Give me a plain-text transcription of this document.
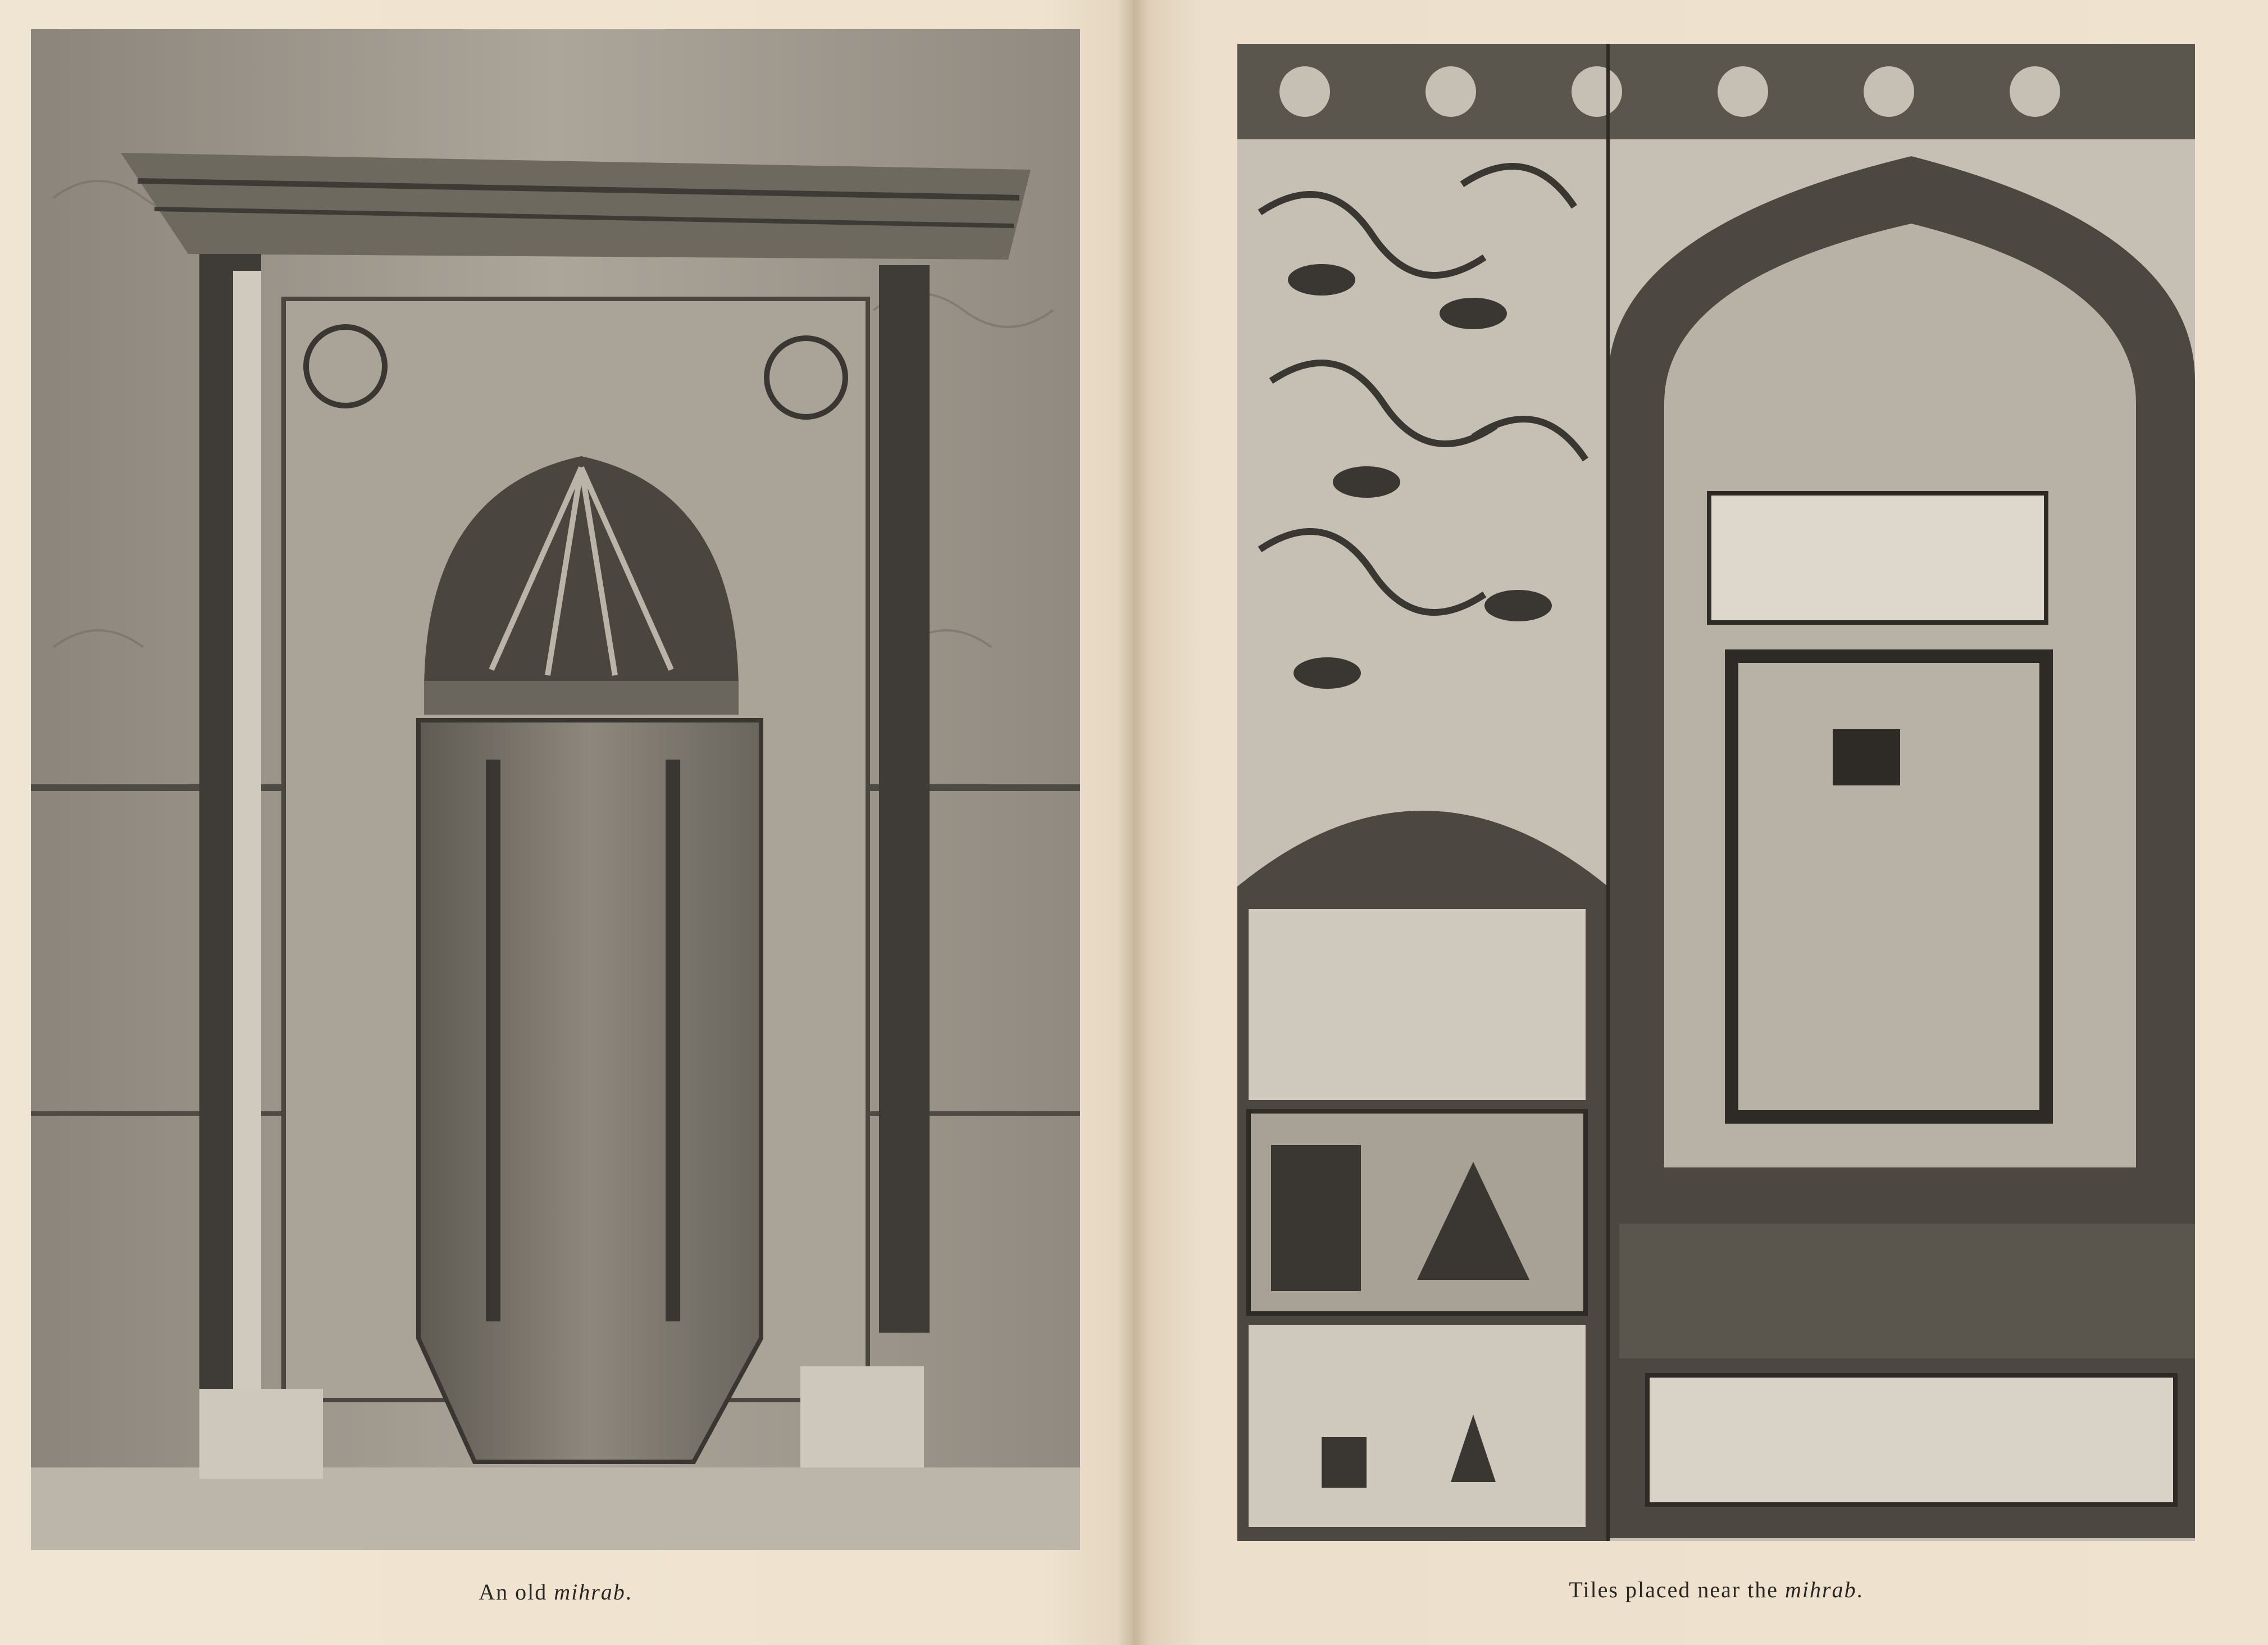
An old mihrab.	Tiles placed near the mihrab.
